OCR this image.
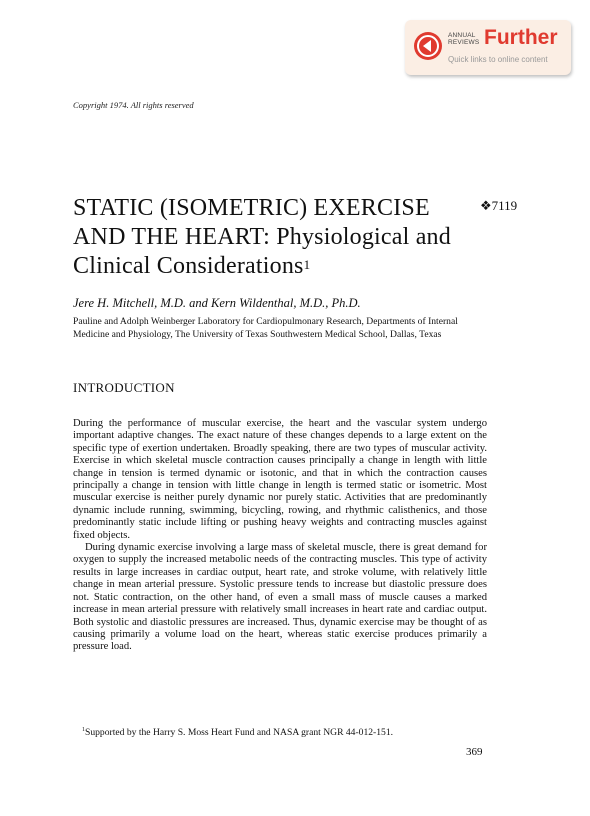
ANNUAL
REVIEWS Further
Quick links to online content
Copyright 1974. All rights reserved
STATIC (ISOMETRIC) EXERCISE
AND THE HEART: Physiological and
Clinical Considerations$^1$
❖7119
Jere H. Mitchell, M.D. and Kern Wildenthal, M.D., Ph.D.
Pauline and Adolph Weinberger Laboratory for Cardiopulmonary Research, Departments of Internal Medicine and Physiology, The University of Texas Southwestern Medical School, Dallas, Texas
INTRODUCTION

During the performance of muscular exercise, the heart and the vascular system undergo important adaptive changes. The exact nature of these changes depends to a large extent on the specific type of exertion undertaken. Broadly speaking, there are two types of muscular activity. Exercise in which skeletal muscle contraction causes principally a change in length with little change in tension is termed dynamic or isotonic, and that in which the contraction causes principally a change in tension with little change in length is termed static or isometric. Most muscular exercise is neither purely dynamic nor purely static. Activities that are predominantly dynamic include running, swimming, bicycling, rowing, and rhythmic calisthenics, and those predominantly static include lifting or pushing heavy weights and contracting muscles against fixed objects.

During dynamic exercise involving a large mass of skeletal muscle, there is great demand for oxygen to supply the increased metabolic needs of the contracting muscles. This type of activity results in large increases in cardiac output, heart rate, and stroke volume, with relatively little change in mean arterial pressure. Systolic pressure tends to increase but diastolic pressure does not. Static contraction, on the other hand, of even a small mass of muscle causes a marked increase in mean arterial pressure with relatively small increases in heart rate and cardiac output. Both systolic and diastolic pressures are increased. Thus, dynamic exercise may be thought of as causing primarily a volume load on the heart, whereas static exercise produces primarily a pressure load.

$^1$Supported by the Harry S. Moss Heart Fund and NASA grant NGR 44-012-151.
369
